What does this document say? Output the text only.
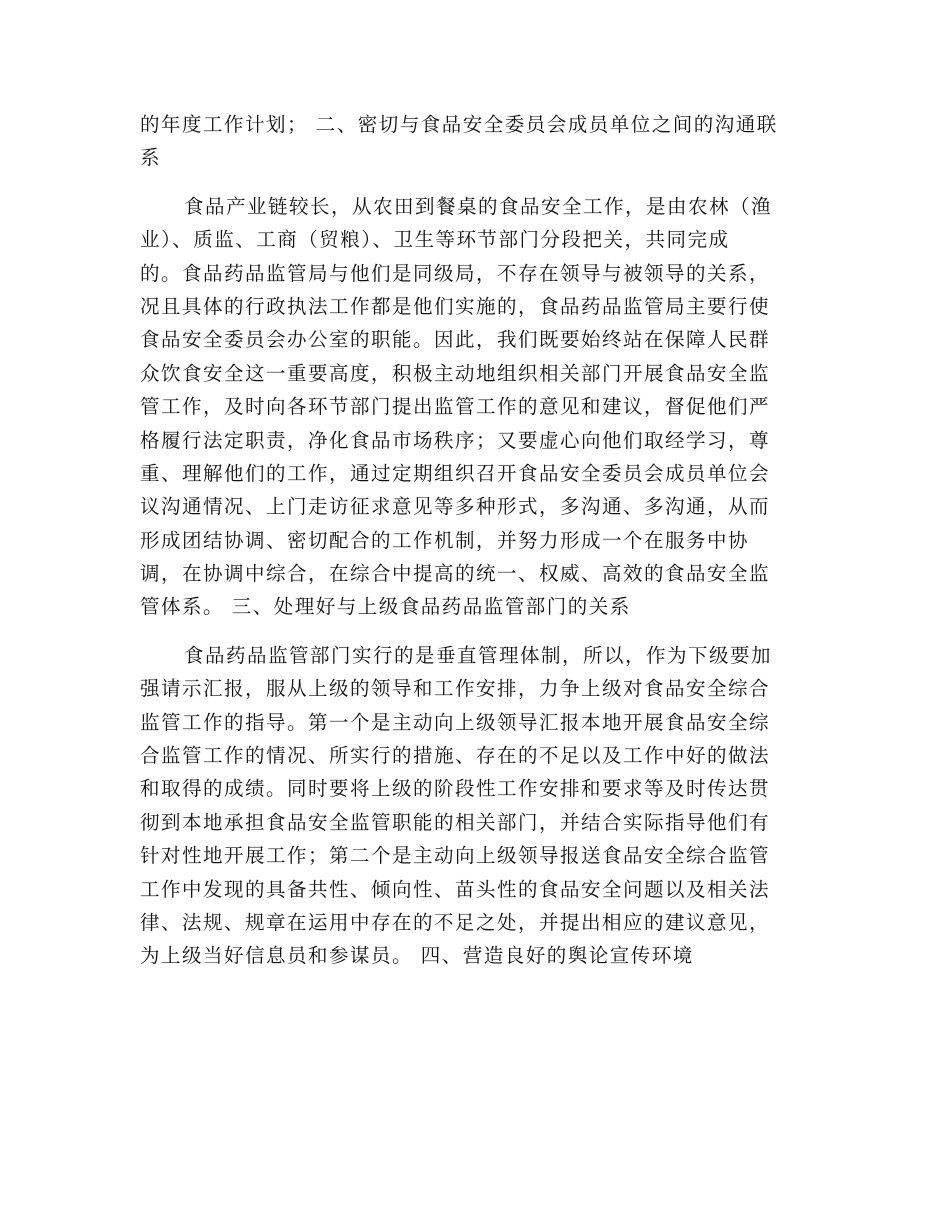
的年度工作计划； 二、密切与食品安全委员会成员单位之间的沟通联
系
食品产业链较长，从农田到餐桌的食品安全工作，是由农林（渔
业）、质监、工商（贸粮）、卫生等环节部门分段把关，共同完成
的。食品药品监管局与他们是同级局，不存在领导与被领导的关系，
况且具体的行政执法工作都是他们实施的，食品药品监管局主要行使
食品安全委员会办公室的职能。因此，我们既要始终站在保障人民群
众饮食安全这一重要高度，积极主动地组织相关部门开展食品安全监
管工作，及时向各环节部门提出监管工作的意见和建议，督促他们严
格履行法定职责，净化食品市场秩序；又要虚心向他们取经学习，尊
重、理解他们的工作，通过定期组织召开食品安全委员会成员单位会
议沟通情况、上门走访征求意见等多种形式，多沟通、多沟通，从而
形成团结协调、密切配合的工作机制，并努力形成一个在服务中协
调，在协调中综合，在综合中提高的统一、权威、高效的食品安全监
管体系。 三、处理好与上级食品药品监管部门的关系
食品药品监管部门实行的是垂直管理体制，所以，作为下级要加
强请示汇报，服从上级的领导和工作安排，力争上级对食品安全综合
监管工作的指导。第一个是主动向上级领导汇报本地开展食品安全综
合监管工作的情况、所实行的措施、存在的不足以及工作中好的做法
和取得的成绩。同时要将上级的阶段性工作安排和要求等及时传达贯
彻到本地承担食品安全监管职能的相关部门，并结合实际指导他们有
针对性地开展工作；第二个是主动向上级领导报送食品安全综合监管
工作中发现的具备共性、倾向性、苗头性的食品安全问题以及相关法
律、法规、规章在运用中存在的不足之处，并提出相应的建议意见，
为上级当好信息员和参谋员。 四、营造良好的舆论宣传环境
